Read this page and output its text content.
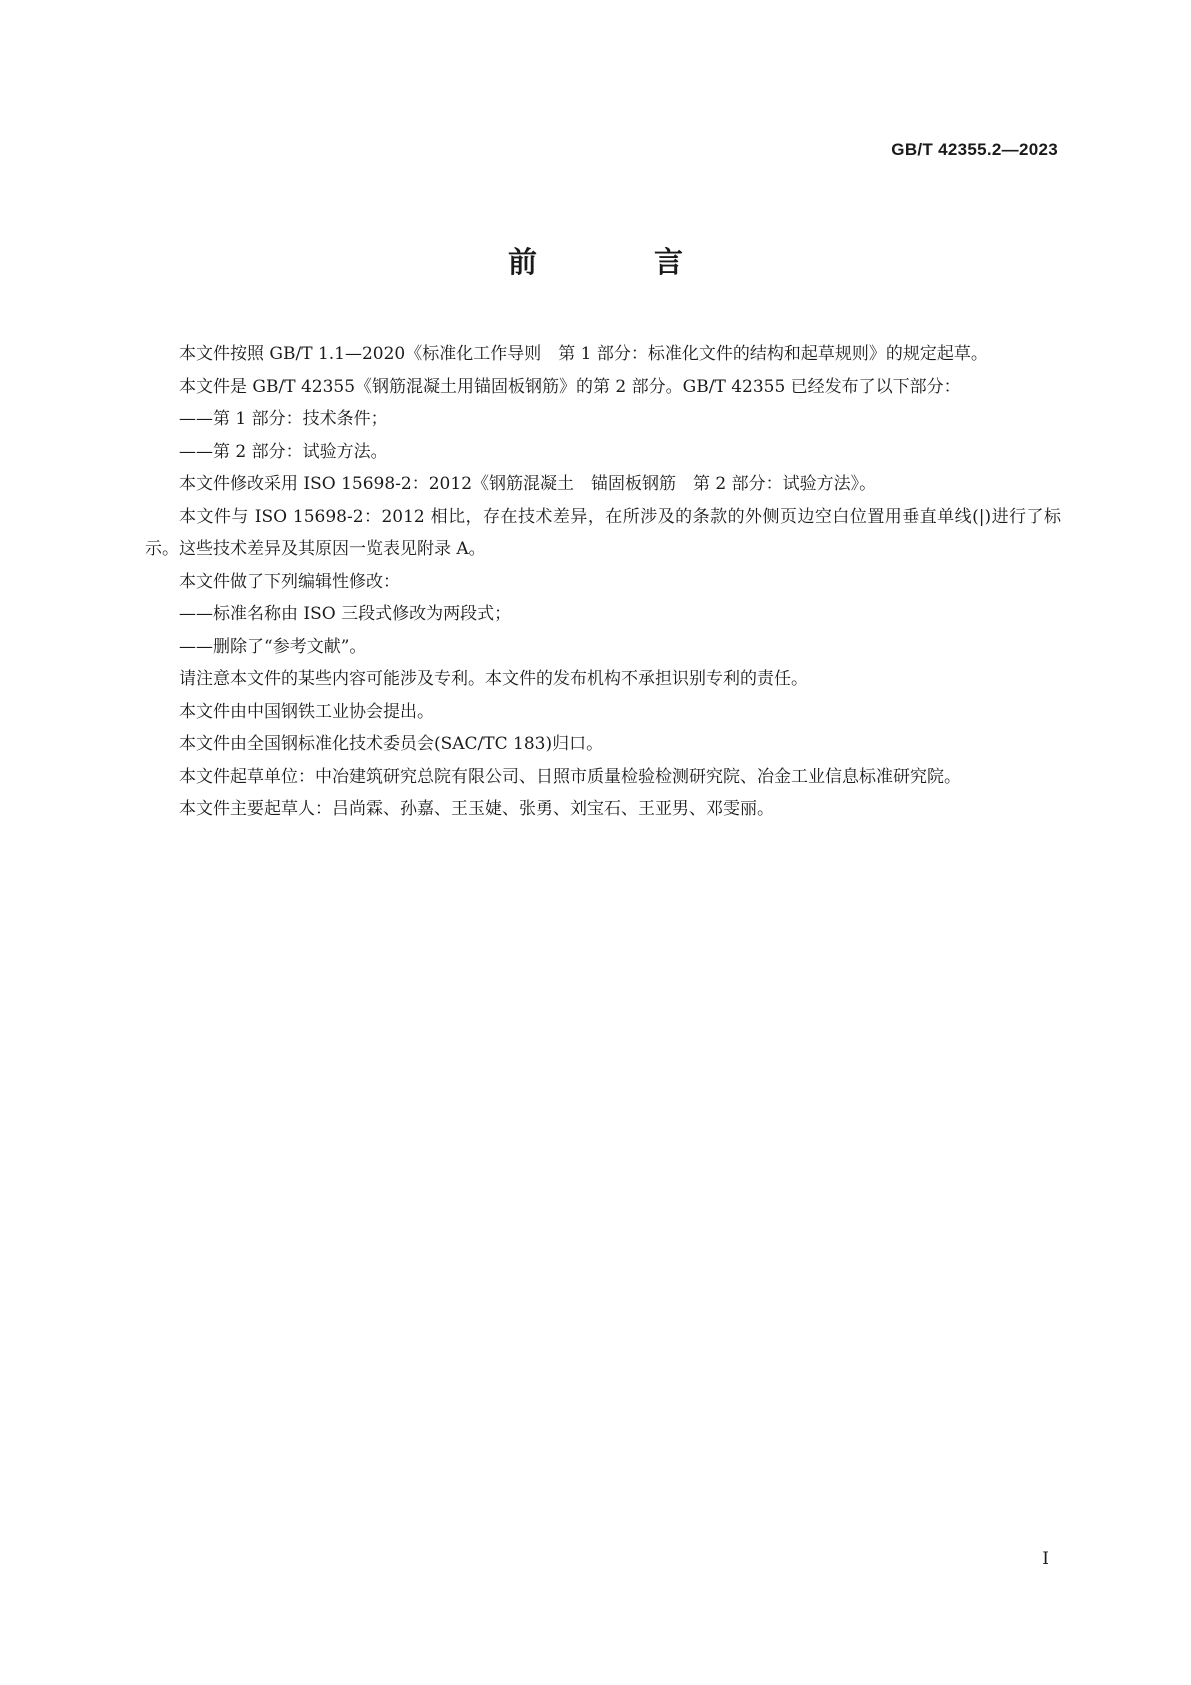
GB/T 42355.2—2023
前　言

本文件按照 GB/T 1.1—2020《标准化工作导则　第 1 部分：标准化文件的结构和起草规则》的规定起草。

本文件是 GB/T 42355《钢筋混凝土用锚固板钢筋》的第 2 部分。GB/T 42355 已经发布了以下部分：

——第 1 部分：技术条件；

——第 2 部分：试验方法。

本文件修改采用 ISO 15698-2：2012《钢筋混凝土　锚固板钢筋　第 2 部分：试验方法》。

本文件与 ISO 15698-2：2012 相比，存在技术差异，在所涉及的条款的外侧页边空白位置用垂直单线(|)进行了标示。这些技术差异及其原因一览表见附录 A。

本文件做了下列编辑性修改：

——标准名称由 ISO 三段式修改为两段式；

——删除了“参考文献”。

请注意本文件的某些内容可能涉及专利。本文件的发布机构不承担识别专利的责任。

本文件由中国钢铁工业协会提出。

本文件由全国钢标准化技术委员会(SAC/TC 183)归口。

本文件起草单位：中冶建筑研究总院有限公司、日照市质量检验检测研究院、冶金工业信息标准研究院。

本文件主要起草人：吕尚霖、孙嘉、王玉婕、张勇、刘宝石、王亚男、邓雯丽。

I
